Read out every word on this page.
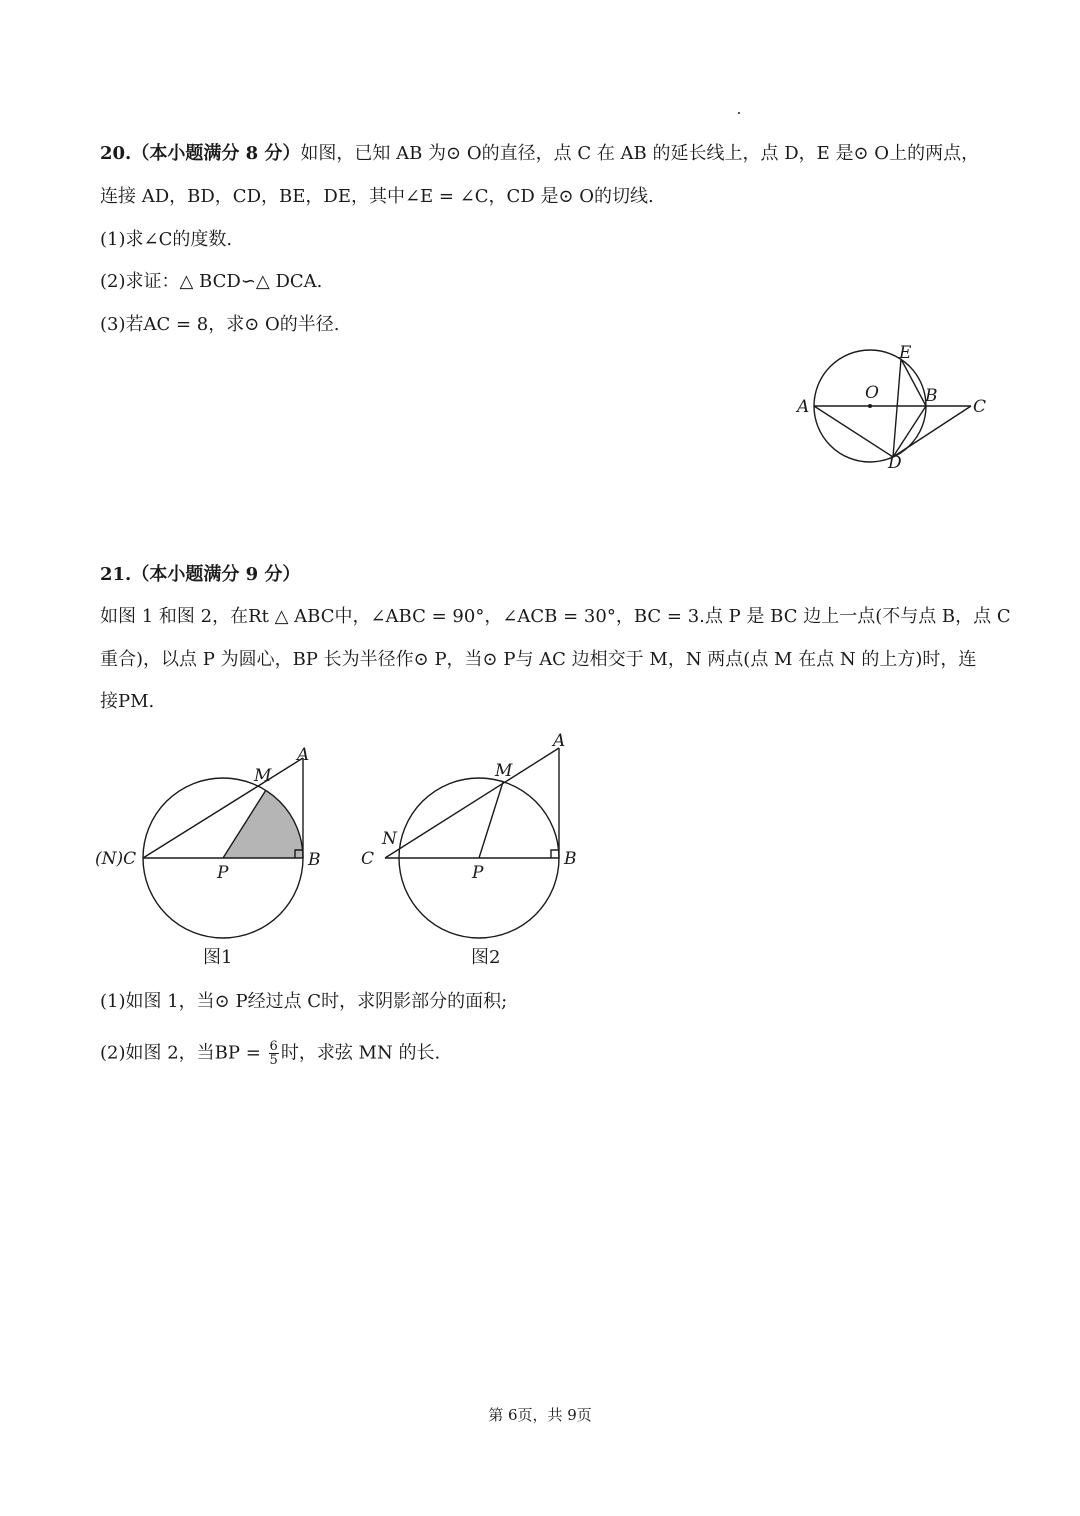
20.（本小题满分 8 分）如图，已知 AB 为⊙ O的直径，点 C 在 AB 的延长线上，点 D，E 是⊙ O上的两点，
连接 AD，BD，CD，BE，DE，其中∠E = ∠C，CD 是⊙ O的切线.
(1)求∠C的度数.
(2)求证：△ BCD∽△ DCA.
(3)若AC = 8，求⊙ O的半径.
A
B
C
D
E
O
21.（本小题满分 9 分）
如图 1 和图 2，在Rt △ ABC中，∠ABC = 90°，∠ACB = 30°，BC = 3.点 P 是 BC 边上一点(不与点 B，点 C
重合)，以点 P 为圆心，BP 长为半径作⊙ P，当⊙ P与 AC 边相交于 M，N 两点(点 M 在点 N 的上方)时，连
接PM.
A
M
(N)C
P
B
图1
A
M
N
C
P
B
图2
(1)如图 1，当⊙ P经过点 C时，求阴影部分的面积;
(2)如图 2，当BP = $\frac{6}{5}$ 时，求弦 MN 的长.
第 6页，共 9页
